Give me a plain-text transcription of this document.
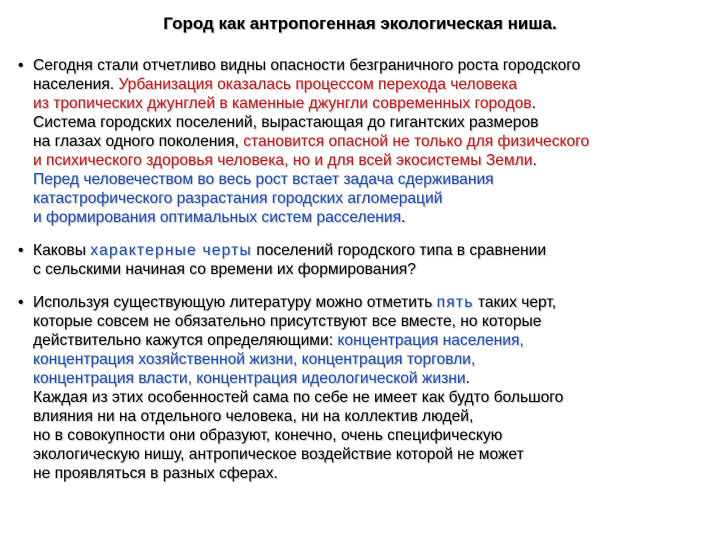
Город как антропогенная экологическая ниша.
• Сегодня стали отчетливо видны опасности безграничного роста городского
населения. Урбанизация оказалась процессом перехода человека
из тропических джунглей в каменные джунгли современных городов.
Система городских поселений, вырастающая до гигантских размеров
на глазах одного поколения, становится опасной не только для физического
и психического здоровья человека, но и для всей экосистемы Земли.
Перед человечеством во весь рост встает задача сдерживания
катастрофического разрастания городских агломераций
и формирования оптимальных систем расселения.
• Каковы характерные черты поселений городского типа в сравнении
с сельскими начиная со времени их формирования?
• Используя существующую литературу можно отметить пять таких черт,
которые совсем не обязательно присутствуют все вместе, но которые
действительно кажутся определяющими: концентрация населения,
концентрация хозяйственной жизни, концентрация торговли,
концентрация власти, концентрация идеологической жизни.
Каждая из этих особенностей сама по себе не имеет как будто большого
влияния ни на отдельного человека, ни на коллектив людей,
но в совокупности они образуют, конечно, очень специфическую
экологическую нишу, антропическое воздействие которой не может
не проявляться в разных сферах.
